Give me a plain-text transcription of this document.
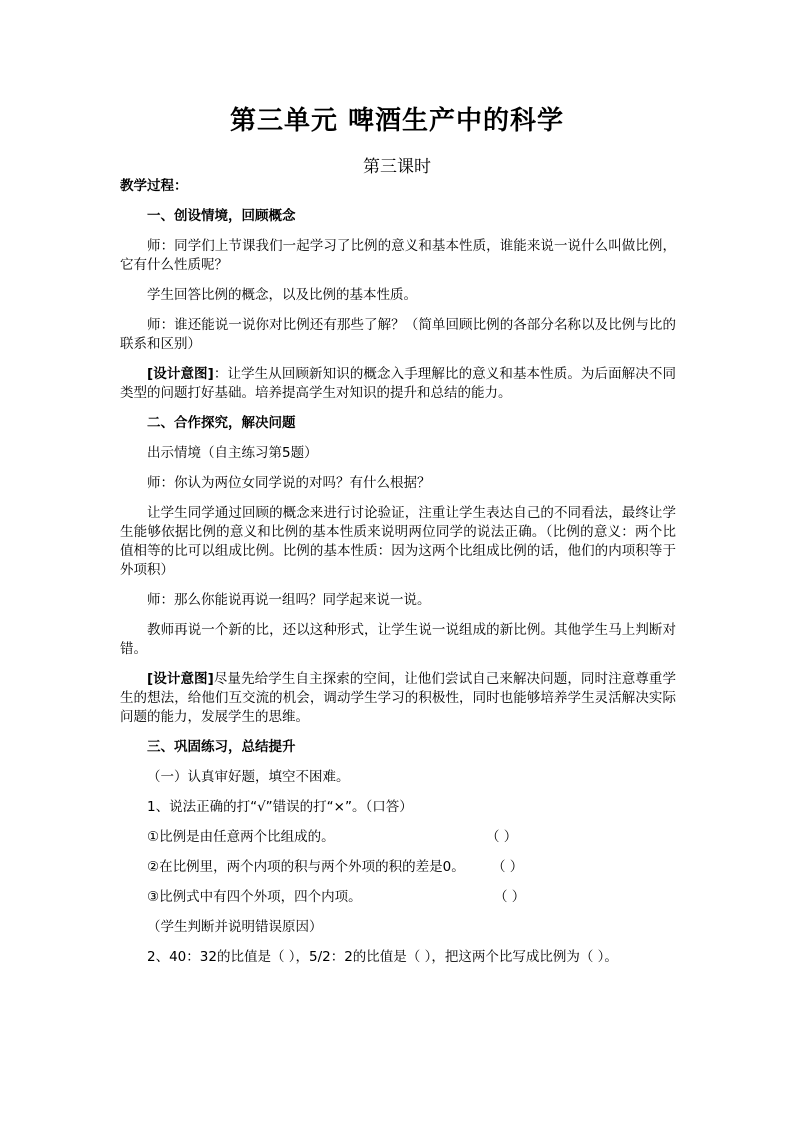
第三单元 啤酒生产中的科学
第三课时

教学过程：

一、创设情境，回顾概念

师：同学们上节课我们一起学习了比例的意义和基本性质，谁能来说一说什么叫做比例，它有什么性质呢？

学生回答比例的概念，以及比例的基本性质。

师：谁还能说一说你对比例还有那些了解？（简单回顾比例的各部分名称以及比例与比的联系和区别）

[设计意图]：让学生从回顾新知识的概念入手理解比的意义和基本性质。为后面解决不同类型的问题打好基础。培养提高学生对知识的提升和总结的能力。

二、合作探究，解决问题

出示情境（自主练习第5题）

师：你认为两位女同学说的对吗？有什么根据？

让学生同学通过回顾的概念来进行讨论验证，注重让学生表达自己的不同看法，最终让学生能够依据比例的意义和比例的基本性质来说明两位同学的说法正确。（比例的意义：两个比值相等的比可以组成比例。比例的基本性质：因为这两个比组成比例的话，他们的内项积等于外项积）

师：那么你能说再说一组吗？同学起来说一说。

教师再说一个新的比，还以这种形式，让学生说一说组成的新比例。其他学生马上判断对错。

[设计意图]尽量先给学生自主探索的空间，让他们尝试自己来解决问题，同时注意尊重学生的想法，给他们互交流的机会，调动学生学习的积极性，同时也能够培养学生灵活解决实际问题的能力，发展学生的思维。

三、巩固练习，总结提升

（一）认真审好题，填空不困难。

1、说法正确的打“√”错误的打“×”。（口答）

①比例是由任意两个比组成的。	（ ）
②在比例里，两个内项的积与两个外项的积的差是0。 （ ）
③比例式中有四个外项，四个内项。	（ ）

（学生判断并说明错误原因）

2、40：32的比值是（ ），5/2：2的比值是（ ），把这两个比写成比例为（ ）。
